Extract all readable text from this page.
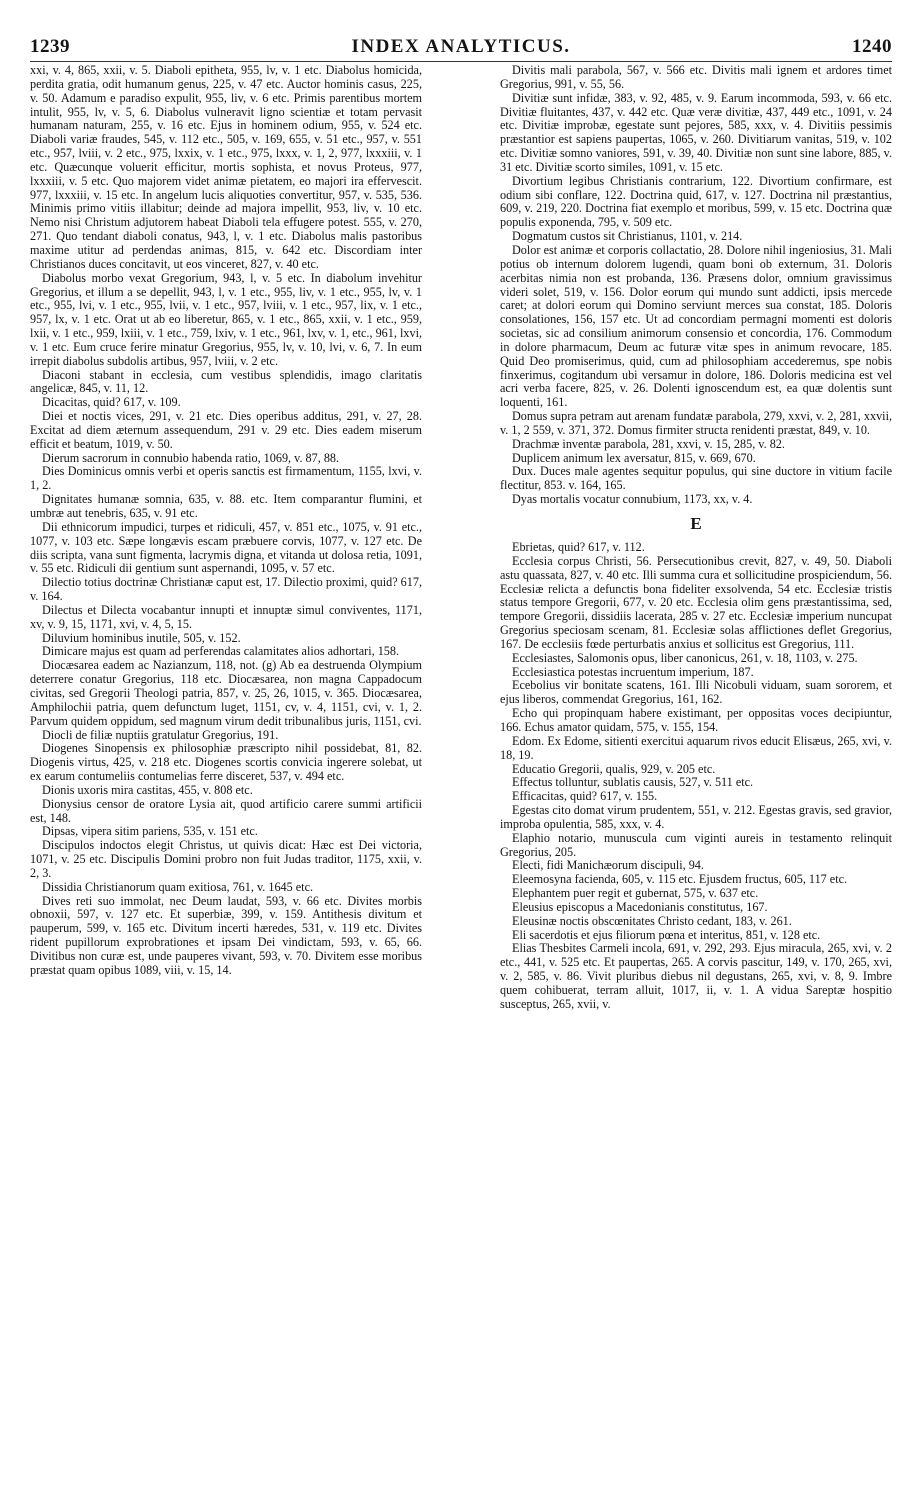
1239	INDEX ANALYTICUS.	1240

xxi, v. 4, 865, xxii, v. 5. Diaboli epitheta, 955, lv, v. 1 etc. Diabolus homicida, perdita gratia, odit humanum genus, 225, v. 47 etc. Auctor hominis casus, 225, v. 50. Adamum e paradiso expulit, 955, liv, v. 6 etc. Primis parentibus mortem intulit, 955, lv, v. 5, 6. Diabolus vulneravit ligno scientiæ et totam pervasit humanam naturam, 255, v. 16 etc. Ejus in hominem odium, 955, v. 524 etc. Diaboli variæ fraudes, 545, v. 112 etc., 505, v. 169, 655, v. 51 etc., 957, v. 551 etc., 957, lviii, v. 2 etc., 975, lxxix, v. 1 etc., 975, lxxx, v. 1, 2, 977, lxxxiii, v. 1 etc. Quæcunque voluerit efficitur, mortis sophista, et novus Proteus, 977, lxxxiii, v. 5 etc. Quo majorem videt animæ pietatem, eo majori ira effervescit. 977, lxxxiii, v. 15 etc. In angelum lucis aliquoties convertitur, 957, v. 535, 536. Minimis primo vitiis illabitur; deinde ad majora impellit, 953, liv, v. 10 etc. Nemo nisi Christum adjutorem habeat Diaboli tela effugere potest. 555, v. 270, 271. Quo tendant diaboli conatus, 943, l, v. 1 etc. Diabolus malis pastoribus maxime utitur ad perdendas animas, 815, v. 642 etc. Discordiam inter Christianos duces concitavit, ut eos vinceret, 827, v. 40 etc.

Diabolus morbo vexat Gregorium, 943, l, v. 5 etc. In diabolum invehitur Gregorius, et illum a se depellit, 943, l, v. 1 etc., 955, liv, v. 1 etc., 955, lv, v. 1 etc., 955, lvi, v. 1 etc., 955, lvii, v. 1 etc., 957, lviii, v. 1 etc., 957, lix, v. 1 etc., 957, lx, v. 1 etc. Orat ut ab eo liberetur, 865, v. 1 etc., 865, xxii, v. 1 etc., 959, lxii, v. 1 etc., 959, lxiii, v. 1 etc., 759, lxiv, v. 1 etc., 961, lxv, v. 1, etc., 961, lxvi, v. 1 etc. Eum cruce ferire minatur Gregorius, 955, lv, v. 10, lvi, v. 6, 7. In eum irrepit diabolus subdolis artibus, 957, lviii, v. 2 etc.

Diaconi stabant in ecclesia, cum vestibus splendidis, imago claritatis angelicæ, 845, v. 11, 12.

Dicacitas, quid? 617, v. 109.

Diei et noctis vices, 291, v. 21 etc. Dies operibus additus, 291, v. 27, 28. Excitat ad diem æternum assequendum, 291 v. 29 etc. Dies eadem miserum efficit et beatum, 1019, v. 50.

Dierum sacrorum in connubio habenda ratio, 1069, v. 87, 88.

Dies Dominicus omnis verbi et operis sanctis est firmamentum, 1155, lxvi, v. 1, 2.

Dignitates humanæ somnia, 635, v. 88. etc. Item comparantur flumini, et umbræ aut tenebris, 635, v. 91 etc.

Dii ethnicorum impudici, turpes et ridiculi, 457, v. 851 etc., 1075, v. 91 etc., 1077, v. 103 etc. Sæpe longævis escam præbuere corvis, 1077, v. 127 etc. De diis scripta, vana sunt figmenta, lacrymis digna, et vitanda ut dolosa retia, 1091, v. 55 etc. Ridiculi dii gentium sunt aspernandi, 1095, v. 57 etc.

Dilectio totius doctrinæ Christianæ caput est, 17. Dilectio proximi, quid? 617, v. 164.

Dilectus et Dilecta vocabantur innupti et innuptæ simul conviventes, 1171, xv, v. 9, 15, 1171, xvi, v. 4, 5, 15.

Diluvium hominibus inutile, 505, v. 152.

Dimicare majus est quam ad perferendas calamitates alios adhortari, 158.

Diocæsarea eadem ac Nazianzum, 118, not. (g) Ab ea destruenda Olympium deterrere conatur Gregorius, 118 etc. Diocæsarea, non magna Cappadocum civitas, sed Gregorii Theologi patria, 857, v. 25, 26, 1015, v. 365. Diocæsarea, Amphilochii patria, quem defunctum luget, 1151, cv, v. 4, 1151, cvi, v. 1, 2. Parvum quidem oppidum, sed magnum virum dedit tribunalibus juris, 1151, cvi.

Diocli de filiæ nuptiis gratulatur Gregorius, 191.

Diogenes Sinopensis ex philosophiæ præscripto nihil possidebat, 81, 82. Diogenis virtus, 425, v. 218 etc. Diogenes scortis convicia ingerere solebat, ut ex earum contumeliis contumelias ferre disceret, 537, v. 494 etc.

Dionis uxoris mira castitas, 455, v. 808 etc.

Dionysius censor de oratore Lysia ait, quod artificio carere summi artificii est, 148.

Dipsas, vipera sitim pariens, 535, v. 151 etc.

Discipulos indoctos elegit Christus, ut quivis dicat: Hæc est Dei victoria, 1071, v. 25 etc. Discipulis Domini probro non fuit Judas traditor, 1175, xxii, v. 2, 3.

Dissidia Christianorum quam exitiosa, 761, v. 1645 etc.

Dives reti suo immolat, nec Deum laudat, 593, v. 66 etc. Divites morbis obnoxii, 597, v. 127 etc. Et superbiæ, 399, v. 159. Antithesis divitum et pauperum, 599, v. 165 etc. Divitum incerti hæredes, 531, v. 119 etc. Divites rident pupillorum exprobrationes et ipsam Dei vindictam, 593, v. 65, 66. Divitibus non curæ est, unde pauperes vivant, 593, v. 70. Divitem esse moribus præstat quam opibus 1089, viii, v. 15, 14.

Divitis mali parabola, 567, v. 566 etc. Divitis mali ignem et ardores timet Gregorius, 991, v. 55, 56.

Divitiæ sunt infidæ, 383, v. 92, 485, v. 9. Earum incommoda, 593, v. 66 etc. Divitiæ fluitantes, 437, v. 442 etc. Quæ veræ divitiæ, 437, 449 etc., 1091, v. 24 etc. Divitiæ improbæ, egestate sunt pejores, 585, xxx, v. 4. Divitiis pessimis præstantior est sapiens paupertas, 1065, v. 260. Divitiarum vanitas, 519, v. 102 etc. Divitiæ somno vaniores, 591, v. 39, 40. Divitiæ non sunt sine labore, 885, v. 31 etc. Divitiæ scorto similes, 1091, v. 15 etc.

Divortium legibus Christianis contrarium, 122. Divortium confirmare, est odium sibi conflare, 122. Doctrina quid, 617, v. 127. Doctrina nil præstantius, 609, v. 219, 220. Doctrina fiat exemplo et moribus, 599, v. 15 etc. Doctrina quæ populis exponenda, 795, v. 509 etc.

Dogmatum custos sit Christianus, 1101, v. 214.

Dolor est animæ et corporis collactatio, 28. Dolore nihil ingeniosius, 31. Mali potius ob internum dolorem lugendi, quam boni ob externum, 31. Doloris acerbitas nimia non est probanda, 136. Præsens dolor, omnium gravissimus videri solet, 519, v. 156. Dolor eorum qui mundo sunt addicti, ipsis mercede caret; at dolori eorum qui Domino serviunt merces sua constat, 185. Doloris consolationes, 156, 157 etc. Ut ad concordiam permagni momenti est doloris societas, sic ad consilium animorum consensio et concordia, 176. Commodum in dolore pharmacum, Deum ac futuræ vitæ spes in animum revocare, 185. Quid Deo promiserimus, quid, cum ad philosophiam accederemus, spe nobis finxerimus, cogitandum ubi versamur in dolore, 186. Doloris medicina est vel acri verba facere, 825, v. 26. Dolenti ignoscendum est, ea quæ dolentis sunt loquenti, 161.

Domus supra petram aut arenam fundatæ parabola, 279, xxvi, v. 2, 281, xxvii, v. 1, 2 559, v. 371, 372. Domus firmiter structa renidenti præstat, 849, v. 10.

Drachmæ inventæ parabola, 281, xxvi, v. 15, 285, v. 82.

Duplicem animum lex aversatur, 815, v. 669, 670.

Dux. Duces male agentes sequitur populus, qui sine ductore in vitium facile flectitur, 853. v. 164, 165.

Dyas mortalis vocatur connubium, 1173, xx, v. 4.

E

Ebrietas, quid? 617, v. 112.

Ecclesia corpus Christi, 56. Persecutionibus crevit, 827, v. 49, 50. Diaboli astu quassata, 827, v. 40 etc. Illi summa cura et sollicitudine prospiciendum, 56. Ecclesiæ relicta a defunctis bona fideliter exsolvenda, 54 etc. Ecclesiæ tristis status tempore Gregorii, 677, v. 20 etc. Ecclesia olim gens præstantissima, sed, tempore Gregorii, dissidiis lacerata, 285 v. 27 etc. Ecclesiæ imperium nuncupat Gregorius speciosam scenam, 81. Ecclesiæ solas afflictiones deflet Gregorius, 167. De ecclesiis fœde perturbatis anxius et sollicitus est Gregorius, 111.

Ecclesiastes, Salomonis opus, liber canonicus, 261, v. 18, 1103, v. 275.

Ecclesiastica potestas incruentum imperium, 187.

Ecebolius vir bonitate scatens, 161. Illi Nicobuli viduam, suam sororem, et ejus liberos, commendat Gregorius, 161, 162.

Echo qui propinquam habere existimant, per oppositas voces decipiuntur, 166. Echus amator quidam, 575, v. 155, 154.

Edom. Ex Edome, sitienti exercitui aquarum rivos educit Elisæus, 265, xvi, v. 18, 19.

Educatio Gregorii, qualis, 929, v. 205 etc.

Effectus tolluntur, sublatis causis, 527, v. 511 etc.

Efficacitas, quid? 617, v. 155.

Egestas cito domat virum prudentem, 551, v. 212. Egestas gravis, sed gravior, improba opulentia, 585, xxx, v. 4.

Elaphio notario, munuscula cum viginti aureis in testamento relinquit Gregorius, 205.

Electi, fidi Manichæorum discipuli, 94.

Eleemosyna facienda, 605, v. 115 etc. Ejusdem fructus, 605, 117 etc.

Elephantem puer regit et gubernat, 575, v. 637 etc.

Eleusius episcopus a Macedonianis constitutus, 167.

Eleusinæ noctis obscœnitates Christo cedant, 183, v. 261.

Eli sacerdotis et ejus filiorum pœna et interitus, 851, v. 128 etc.

Elias Thesbites Carmeli incola, 691, v. 292, 293. Ejus miracula, 265, xvi, v. 2 etc., 441, v. 525 etc. Et paupertas, 265. A corvis pascitur, 149, v. 170, 265, xvi, v. 2, 585, v. 86. Vivit pluribus diebus nil degustans, 265, xvi, v. 8, 9. Imbre quem cohibuerat, terram alluit, 1017, ii, v. 1. A vidua Sareptæ hospitio susceptus, 265, xvii, v.
